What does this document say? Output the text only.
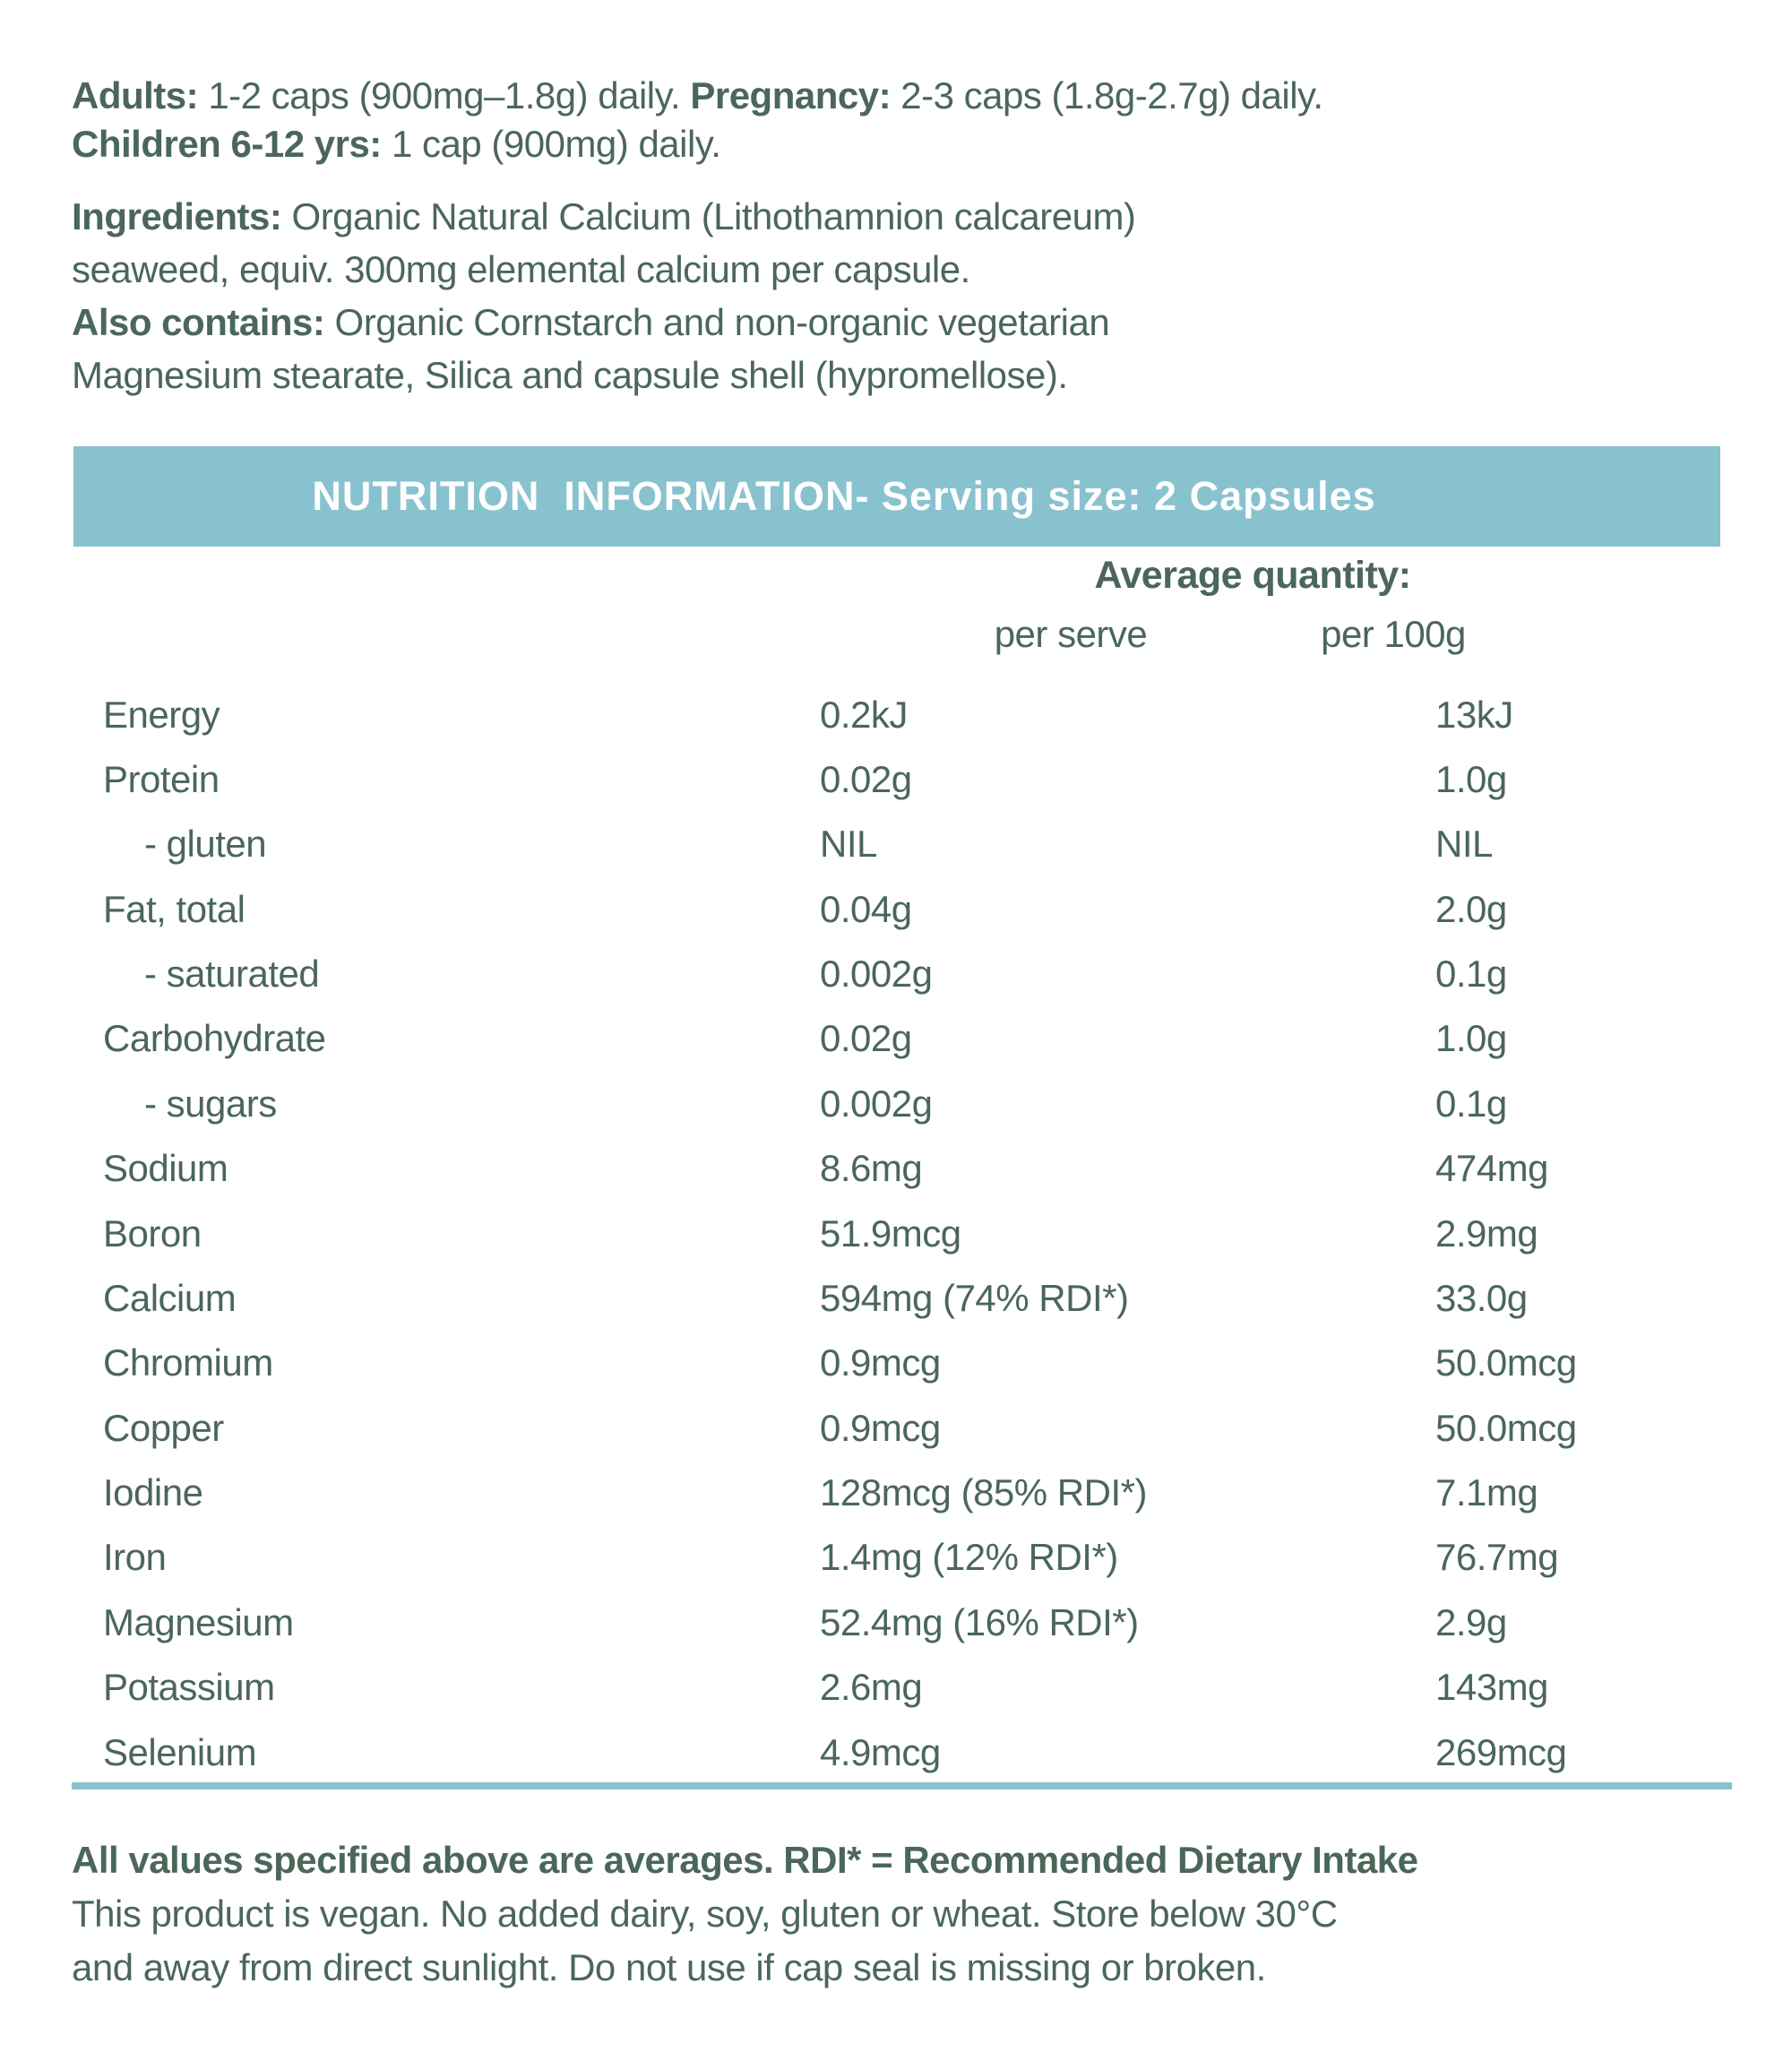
Adults: 1-2 caps (900mg–1.8g) daily. Pregnancy: 2-3 caps (1.8g-2.7g) daily.
Children 6-12 yrs: 1 cap (900mg) daily.
Ingredients: Organic Natural Calcium (Lithothamnion calcareum)
seaweed, equiv. 300mg elemental calcium per capsule.
Also contains: Organic Cornstarch and non-organic vegetarian
Magnesium stearate, Silica and capsule shell (hypromellose).
NUTRITION  INFORMATION- Serving size: 2 Capsules
Average quantity:
per serve	per 100g
Energy	0.2kJ	13kJ
Protein	0.02g	1.0g
- gluten	NIL	NIL
Fat, total	0.04g	2.0g
- saturated	0.002g	0.1g
Carbohydrate	0.02g	1.0g
- sugars	0.002g	0.1g
Sodium	8.6mg	474mg
Boron	51.9mcg	2.9mg
Calcium	594mg (74% RDI*)	33.0g
Chromium	0.9mcg	50.0mcg
Copper	0.9mcg	50.0mcg
Iodine	128mcg (85% RDI*)	7.1mg
Iron	1.4mg (12% RDI*)	76.7mg
Magnesium	52.4mg (16% RDI*)	2.9g
Potassium	2.6mg	143mg
Selenium	4.9mcg	269mcg
All values specified above are averages. RDI* = Recommended Dietary Intake
This product is vegan. No added dairy, soy, gluten or wheat. Store below 30°C
and away from direct sunlight. Do not use if cap seal is missing or broken.
